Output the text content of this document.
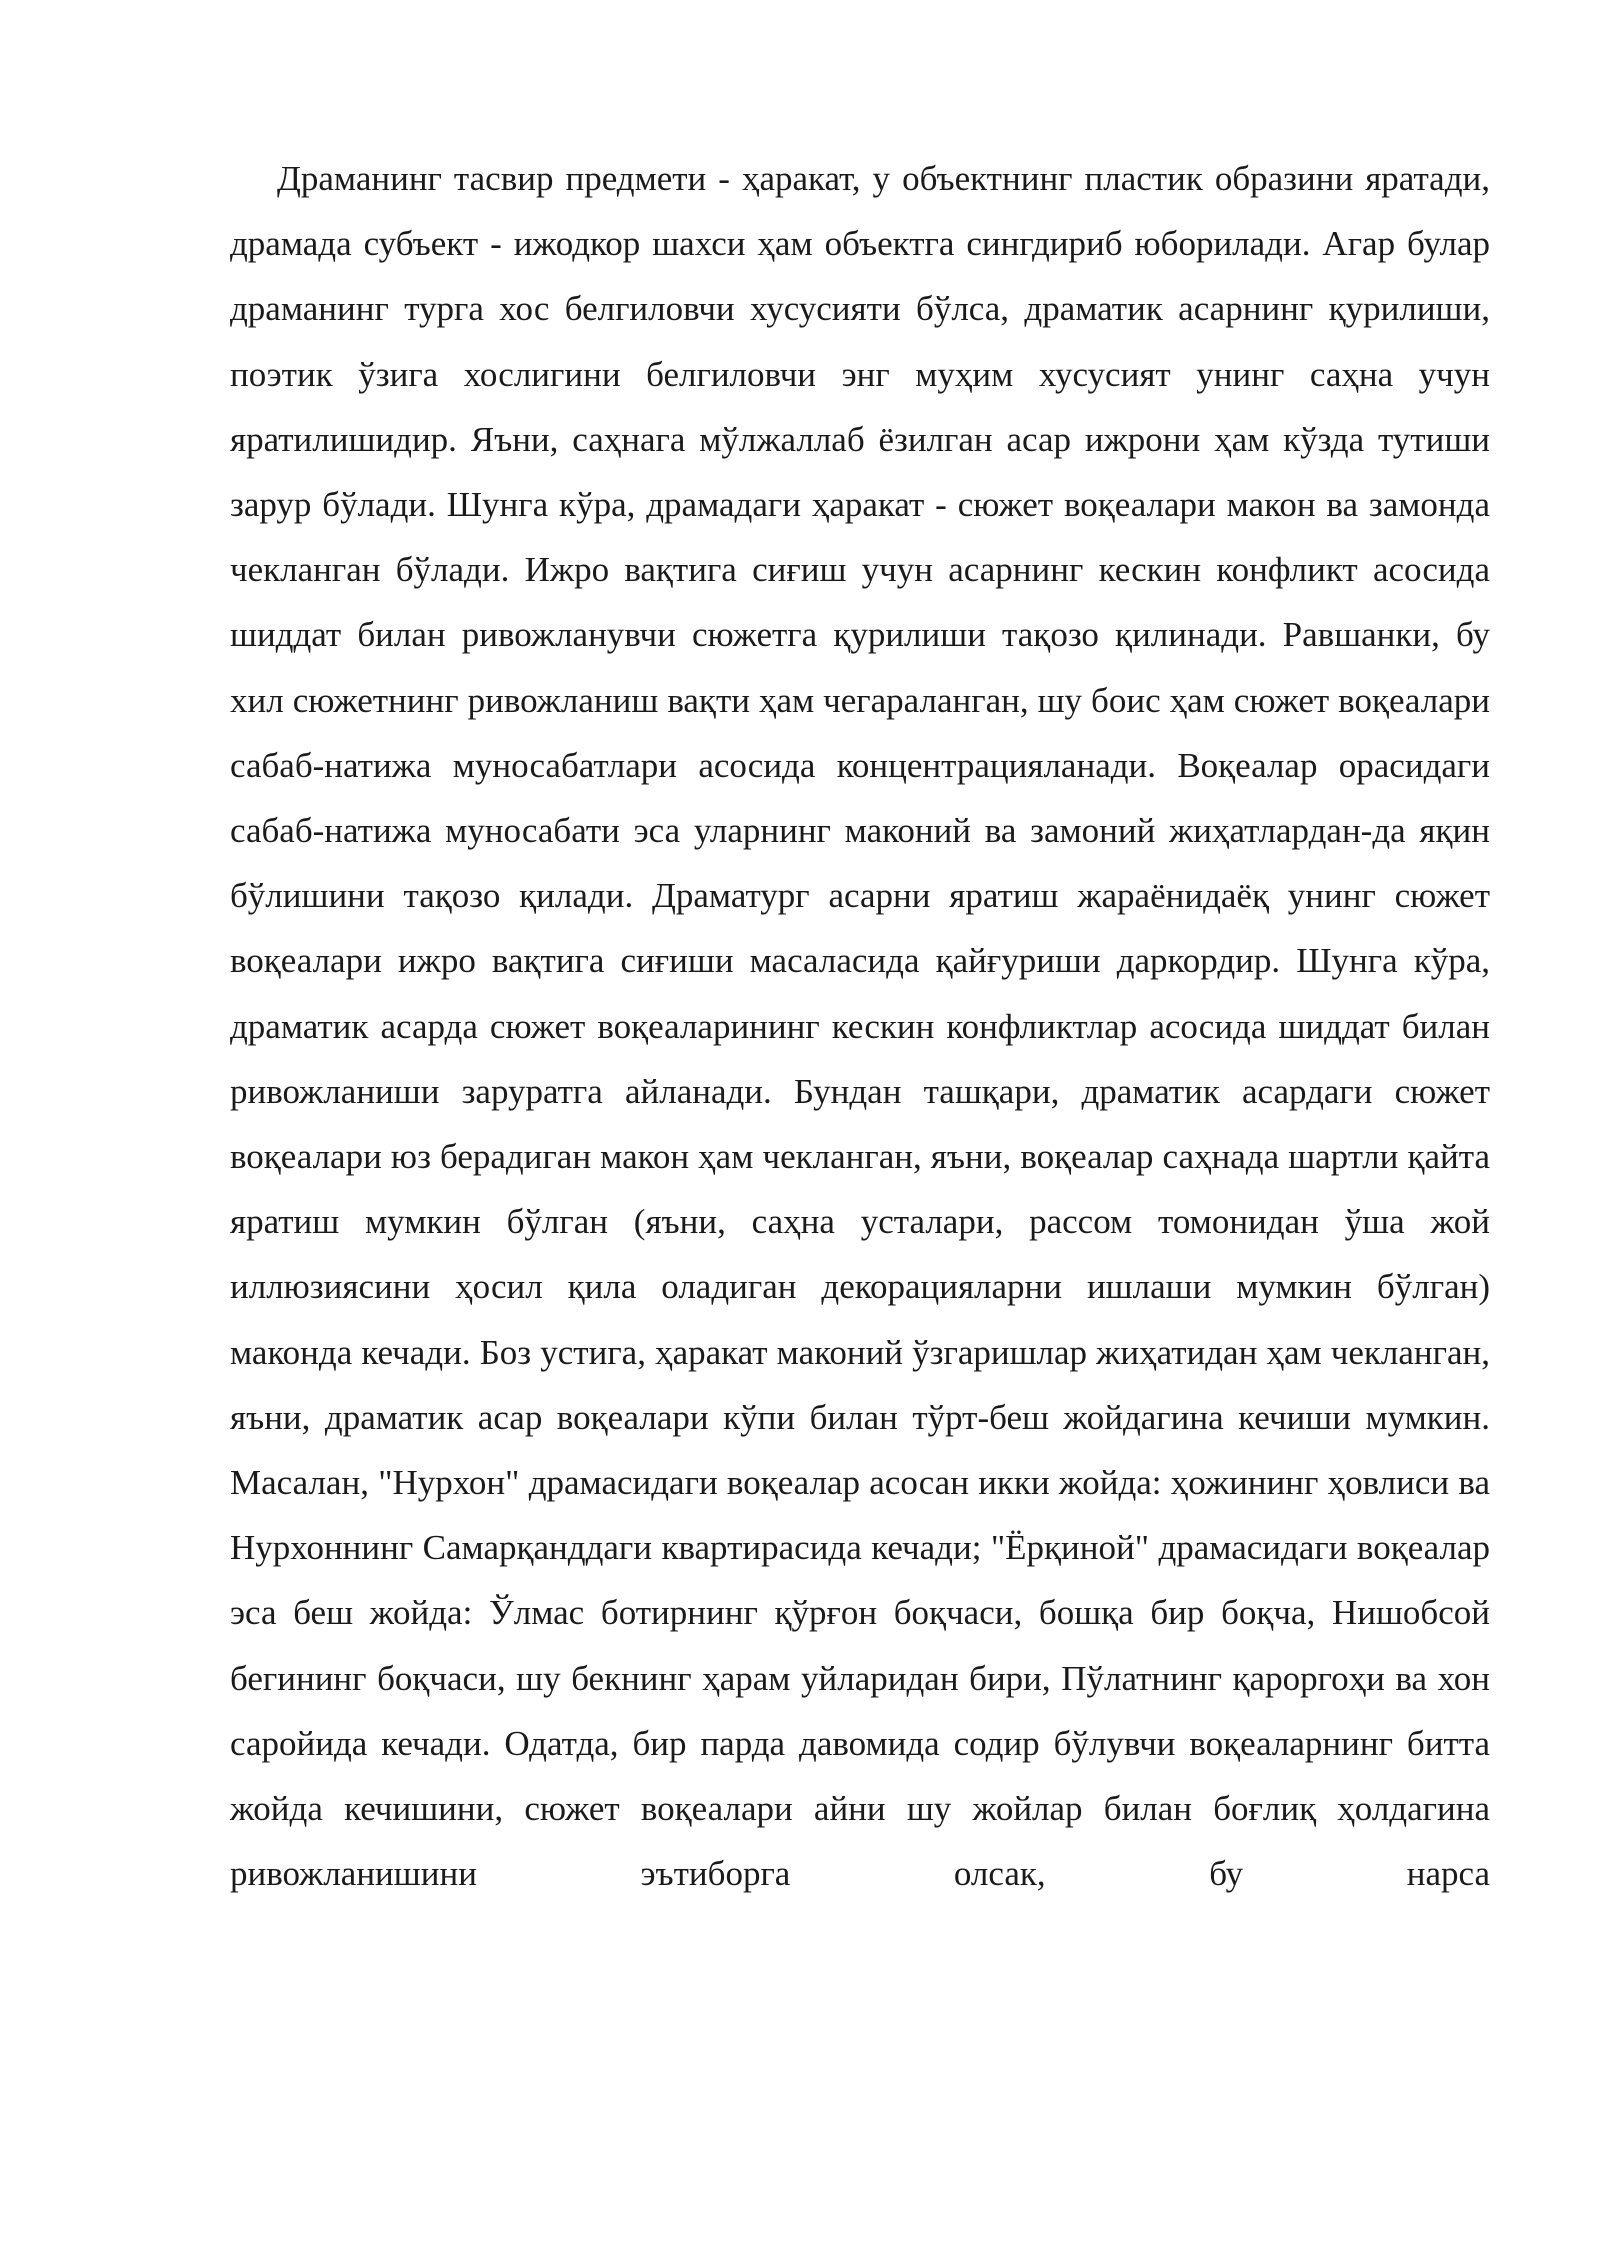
Драманинг тасвир предмети - ҳаракат, у объектнинг пластик образини яратади, драмада субъект - ижодкор шахси ҳам объектга сингдириб юборилади. Агар булар драманинг турга хос белгиловчи хусусияти бўлса, драматик асарнинг қурилиши, поэтик ўзига хослигини белгиловчи энг муҳим хусусият унинг саҳна учун яратилишидир. Яъни, саҳнага мўлжаллаб ёзилган асар ижрони ҳам кўзда тутиши зарур бўлади. Шунга кўра, драмадаги ҳаракат - сюжет воқеалари макон ва замонда чекланган бўлади. Ижро вақтига сиғиш учун асарнинг кескин конфликт асосида шиддат билан ривожланувчи сюжетга қурилиши тақозо қилинади. Равшанки, бу хил сюжетнинг ривожланиш вақти ҳам чегараланган, шу боис ҳам сюжет воқеалари сабаб-натижа муносабатлари асосида концентрацияланади. Воқеалар орасидаги сабаб-натижа муносабати эса уларнинг маконий ва замоний жиҳатлардан-да яқин бўлишини тақозо қилади. Драматург асарни яратиш жараёнидаёқ унинг сюжет воқеалари ижро вақтига сиғиши масаласида қайғуриши даркордир. Шунга кўра, драматик асарда сюжет воқеаларининг кескин конфликтлар асосида шиддат билан ривожланиши заруратга айланади. Бундан ташқари, драматик асардаги сюжет воқеалари юз берадиган макон ҳам чекланган, яъни, воқеалар саҳнада шартли қайта яратиш мумкин бўлган (яъни, саҳна усталари, рассом томонидан ўша жой иллюзиясини ҳосил қила оладиган декорацияларни ишлаши мумкин бўлган) маконда кечади. Боз устига, ҳаракат маконий ўзгаришлар жиҳатидан ҳам чекланган, яъни, драматик асар воқеалари кўпи билан тўрт-беш жойдагина кечиши мумкин. Масалан, "Нурхон" драмасидаги воқеалар асосан икки жойда: ҳожининг ҳовлиси ва Нурхоннинг Самарқанддаги квартирасида кечади; "Ёрқиной" драмасидаги воқеалар эса беш жойда: Ўлмас ботирнинг қўрғон боқчаси, бошқа бир боқча, Нишобсой бегининг боқчаси, шу бекнинг ҳарам уйларидан бири, Пўлатнинг қароргоҳи ва хон саройида кечади. Одатда, бир парда давомида содир бўлувчи воқеаларнинг битта жойда кечишини, сюжет воқеалари айни шу жойлар билан боғлиқ ҳолдагина ривожланишини эътиборга олсак, бу нарса
